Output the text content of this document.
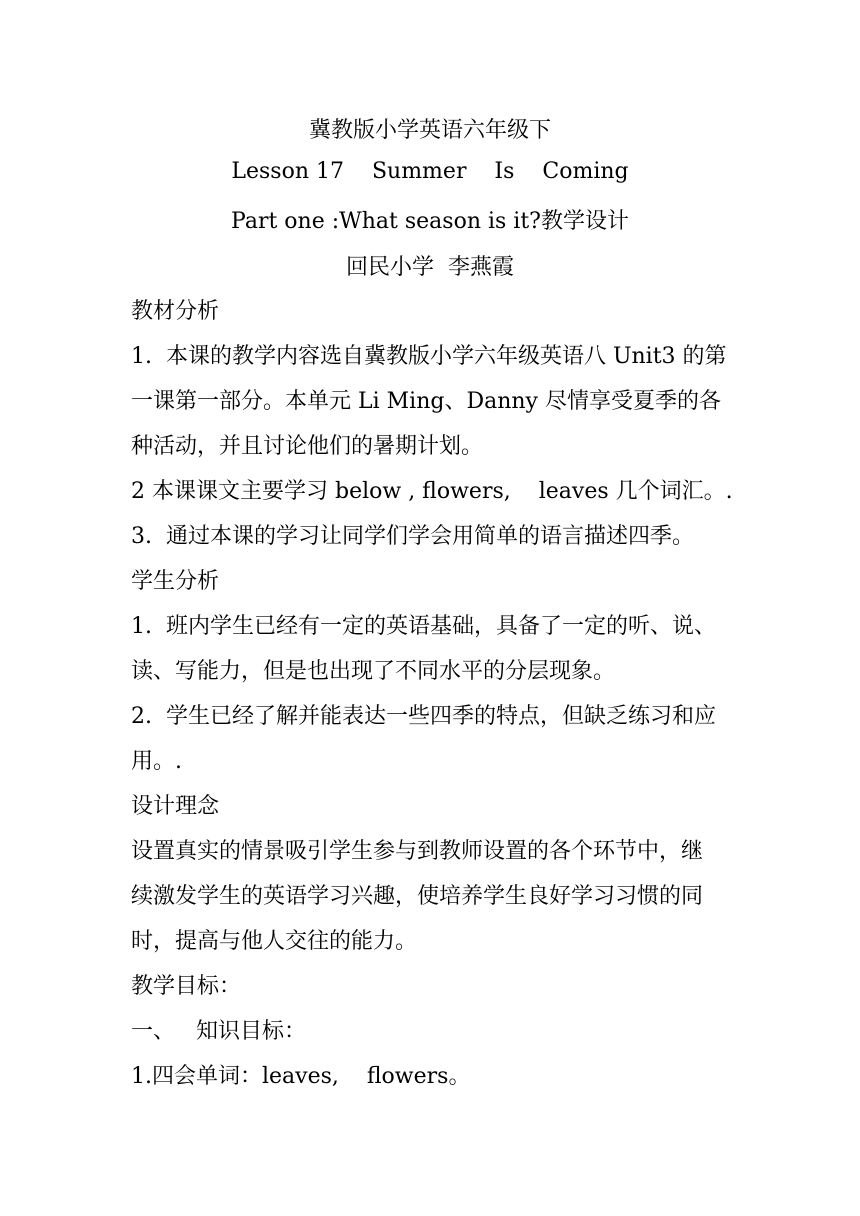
冀教版小学英语六年级下
Lesson 17    Summer    Is    Coming
Part one :What season is it?教学设计
回民小学  李燕霞
教材分析
1.  本课的教学内容选自冀教版小学六年级英语八 Unit3 的第
一课第一部分。本单元 Li Ming、Danny 尽情享受夏季的各
种活动，并且讨论他们的暑期计划。
2 本课课文主要学习 below , flowers,    leaves 几个词汇。.
3.  通过本课的学习让同学们学会用简单的语言描述四季。
学生分析
1.  班内学生已经有一定的英语基础，具备了一定的听、说、
读、写能力，但是也出现了不同水平的分层现象。
2.  学生已经了解并能表达一些四季的特点，但缺乏练习和应
用。.
设计理念
设置真实的情景吸引学生参与到教师设置的各个环节中，继
续激发学生的英语学习兴趣，使培养学生良好学习习惯的同
时，提高与他人交往的能力。
教学目标：
一、   知识目标：
1.四会单词：leaves,    flowers。
